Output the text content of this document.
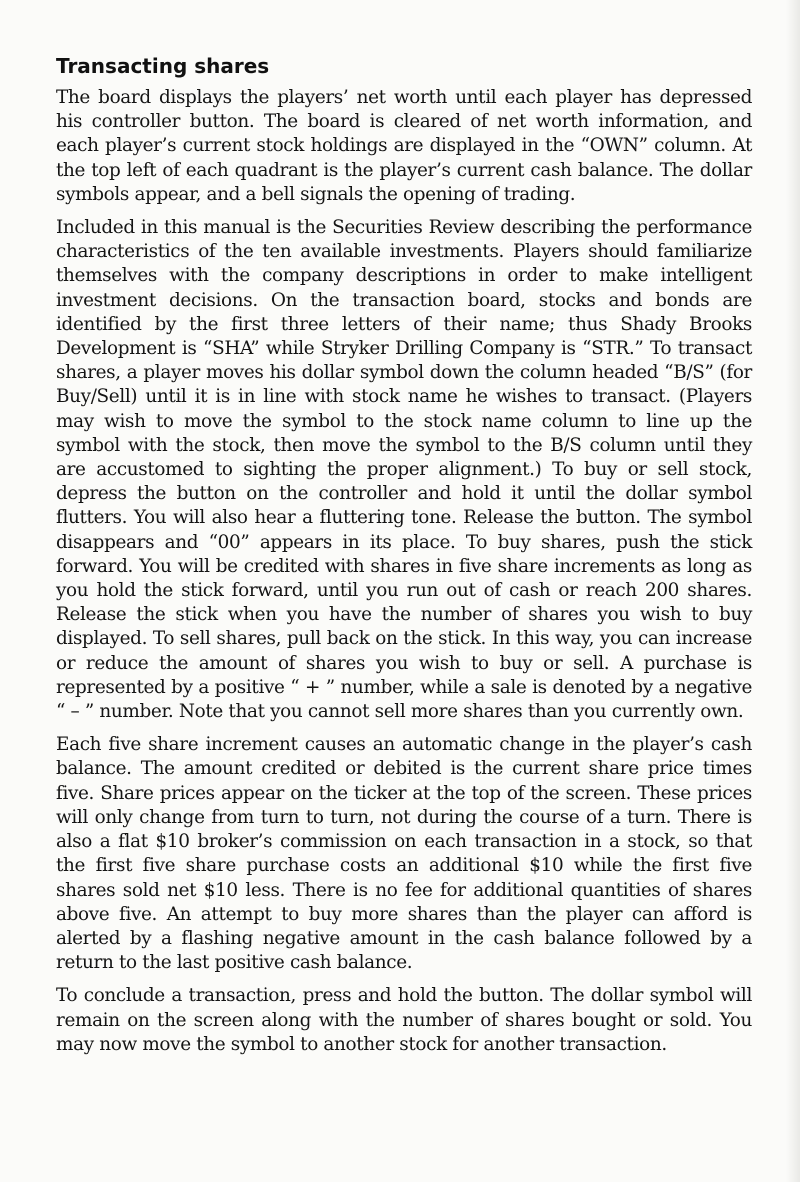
Transacting shares

The board displays the players’ net worth until each player has depressed his controller button. The board is cleared of net worth information, and each player’s current stock holdings are displayed in the “OWN” column. At the top left of each quadrant is the player’s current cash balance. The dollar symbols appear, and a bell signals the opening of trading.

Included in this manual is the Securities Review describing the performance characteristics of the ten available investments. Players should familiarize themselves with the company descriptions in order to make intelligent investment decisions. On the transaction board, stocks and bonds are identified by the first three letters of their name; thus Shady Brooks Development is “SHA” while Stryker Drilling Company is “STR.” To transact shares, a player moves his dollar symbol down the column headed “B/S” (for Buy/Sell) until it is in line with stock name he wishes to transact. (Players may wish to move the symbol to the stock name column to line up the symbol with the stock, then move the symbol to the B/S column until they are accustomed to sighting the proper alignment.) To buy or sell stock, depress the button on the controller and hold it until the dollar symbol flutters. You will also hear a fluttering tone. Release the button. The symbol disappears and “00” appears in its place. To buy shares, push the stick forward. You will be credited with shares in five share increments as long as you hold the stick forward, until you run out of cash or reach 200 shares. Release the stick when you have the number of shares you wish to buy displayed. To sell shares, pull back on the stick. In this way, you can increase or reduce the amount of shares you wish to buy or sell. A purchase is represented by a positive “ + ” number, while a sale is denoted by a negative “ – ” number. Note that you cannot sell more shares than you currently own.

Each five share increment causes an automatic change in the player’s cash balance. The amount credited or debited is the current share price times five. Share prices appear on the ticker at the top of the screen. These prices will only change from turn to turn, not during the course of a turn. There is also a flat $10 broker’s commission on each transaction in a stock, so that the first five share purchase costs an additional $10 while the first five shares sold net $10 less. There is no fee for additional quantities of shares above five. An attempt to buy more shares than the player can afford is alerted by a flashing negative amount in the cash balance followed by a return to the last positive cash balance.

To conclude a transaction, press and hold the button. The dollar symbol will remain on the screen along with the number of shares bought or sold. You may now move the symbol to another stock for another transaction.
